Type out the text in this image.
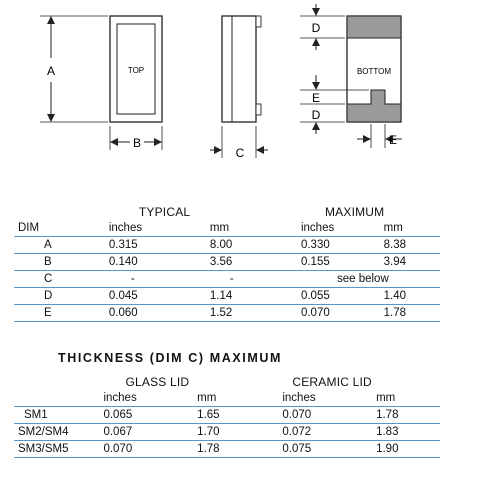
TOP
A
B
C
BOTTOM
D
E
D
E
	TYPICAL		MAXIMUM	
DIM	inches	mm	inches	mm
A	0.315	8.00	0.330	8.38
B	0.140	3.56	0.155	3.94
C	-	-	see below	
D	0.045	1.14	0.055	1.40
E	0.060	1.52	0.070	1.78
THICKNESS (DIM C) MAXIMUM
	GLASS LID		CERAMIC LID	
	inches	mm	inches	mm
SM1	0.065	1.65	0.070	1.78
SM2/SM4	0.067	1.70	0.072	1.83
SM3/SM5	0.070	1.78	0.075	1.90
